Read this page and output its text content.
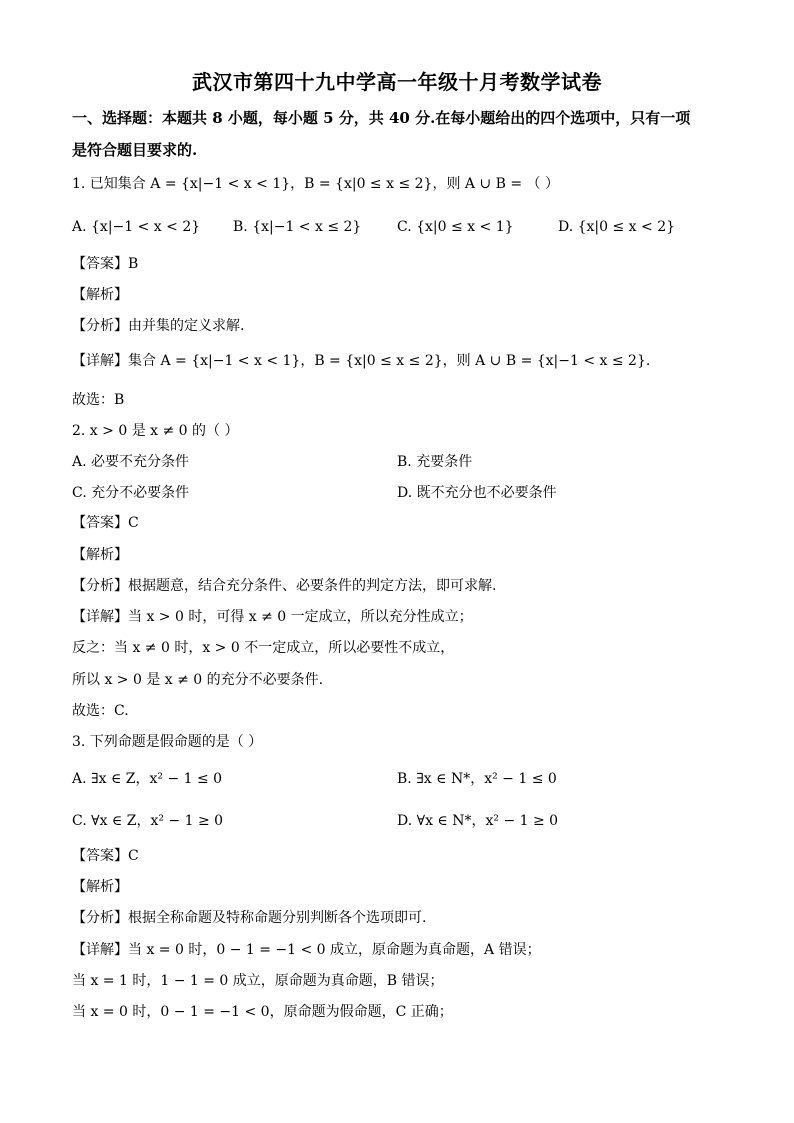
武汉市第四十九中学高一年级十月考数学试卷
一、选择题：本题共 8 小题，每小题 5 分，共 40 分.在每小题给出的四个选项中，只有一项
是符合题目要求的.
1. 已知集合 A = {x|−1 < x < 1}，B = {x|0 ≤ x ≤ 2}，则 A ∪ B = （ ）
A. {x|−1 < x < 2} B. {x|−1 < x ≤ 2}	C. {x|0 ≤ x < 1}	D. {x|0 ≤ x < 2}
【答案】B
【解析】
【分析】由并集的定义求解.
【详解】集合 A = {x|−1 < x < 1}，B = {x|0 ≤ x ≤ 2}，则 A ∪ B = {x|−1 < x ≤ 2}.
故选：B
2. x > 0 是 x ≠ 0 的（ ）
A. 必要不充分条件	B. 充要条件
C. 充分不必要条件	D. 既不充分也不必要条件
【答案】C
【解析】
【分析】根据题意，结合充分条件、必要条件的判定方法，即可求解.
【详解】当 x > 0 时，可得 x ≠ 0 一定成立，所以充分性成立；
反之：当 x ≠ 0 时，x > 0 不一定成立，所以必要性不成立，
所以 x > 0 是 x ≠ 0 的充分不必要条件.
故选：C.
3. 下列命题是假命题的是（ ）
A. ∃x ∈ Z，x² − 1 ≤ 0	B. ∃x ∈ N*，x² − 1 ≤ 0
C. ∀x ∈ Z，x² − 1 ≥ 0	D. ∀x ∈ N*，x² − 1 ≥ 0
【答案】C
【解析】
【分析】根据全称命题及特称命题分别判断各个选项即可.
【详解】当 x = 0 时，0 − 1 = −1 < 0 成立，原命题为真命题，A 错误；
当 x = 1 时，1 − 1 = 0 成立，原命题为真命题，B 错误；
当 x = 0 时，0 − 1 = −1 < 0，原命题为假命题，C 正确；
